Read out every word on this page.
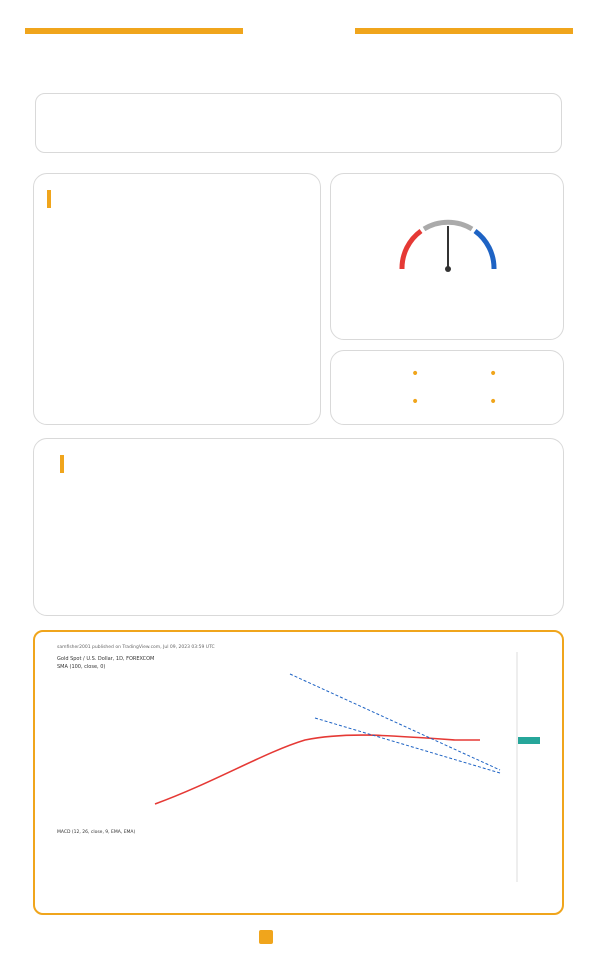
•	•
•	•
samfisher2001 published on TradingView.com, Jul 09, 2023 03:59 UTC
Gold Spot / U.S. Dollar, 1D, FOREXCOM
SMA (100, close, 0)
MACD (12, 26, close, 9, EMA, EMA)
